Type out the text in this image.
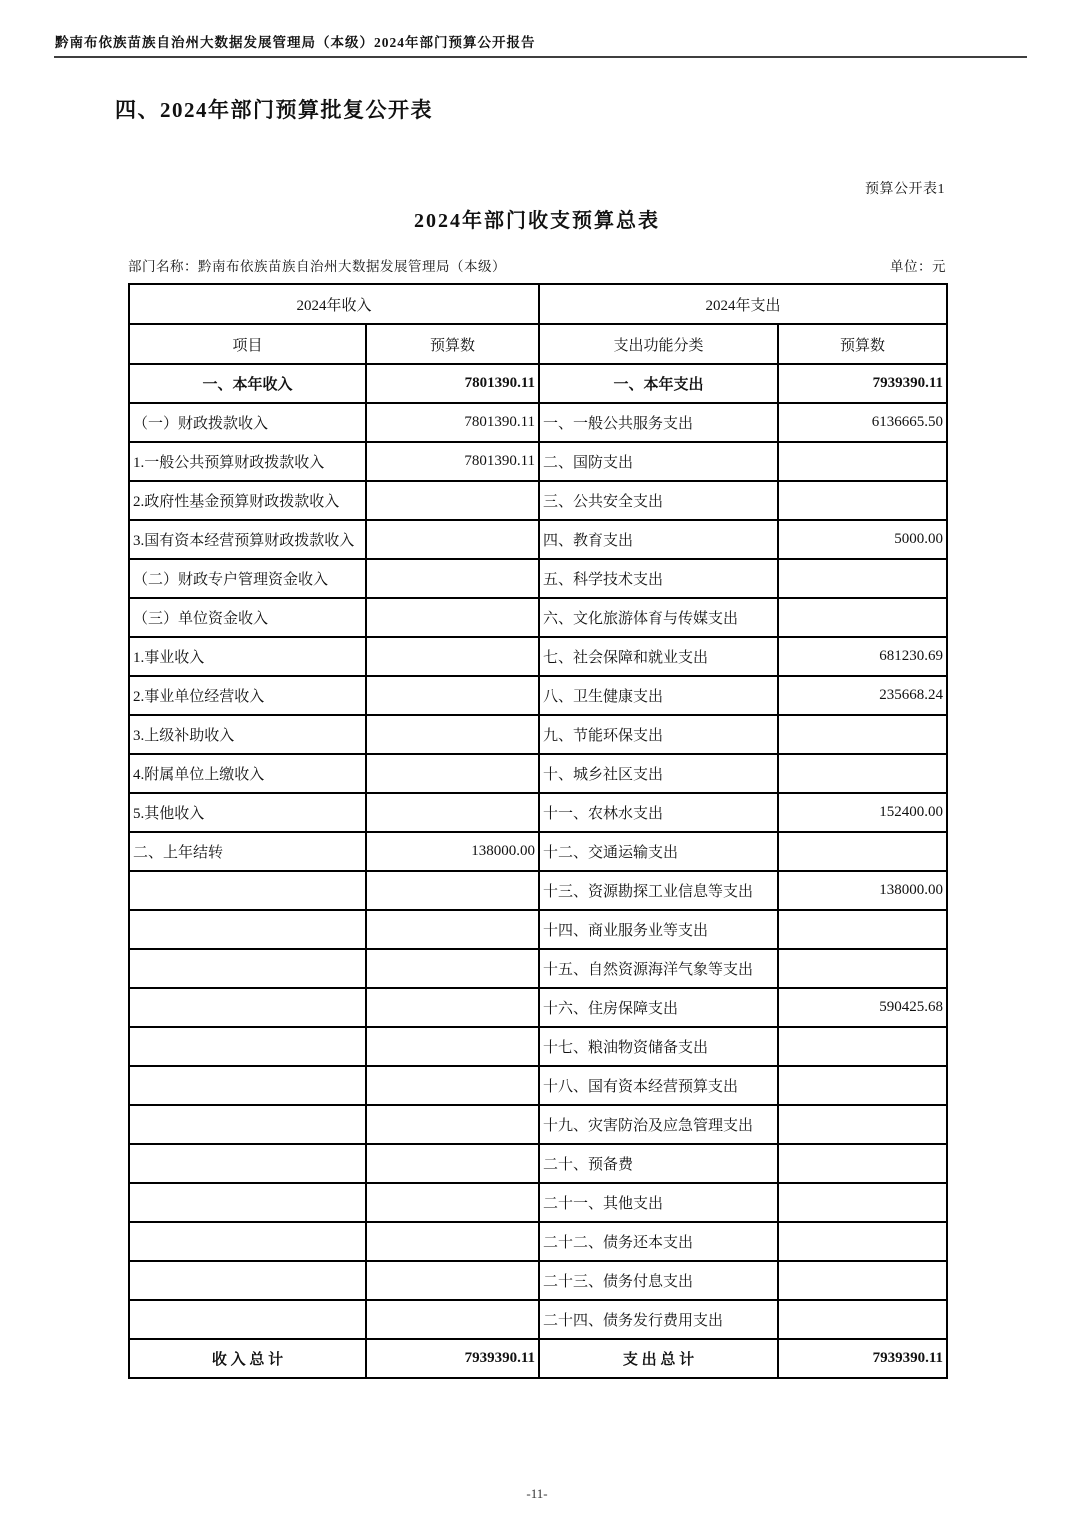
黔南布依族苗族自治州大数据发展管理局（本级）2024年部门预算公开报告
四、2024年部门预算批复公开表
预算公开表1
2024年部门收支预算总表
部门名称：黔南布依族苗族自治州大数据发展管理局（本级）	单位：元
2024年收入		2024年支出	
项目	预算数	支出功能分类	预算数
一、本年收入	7801390.11	一、本年支出	7939390.11
（一）财政拨款收入	7801390.11	一、一般公共服务支出	6136665.50
1.一般公共预算财政拨款收入	7801390.11	二、国防支出	
2.政府性基金预算财政拨款收入		三、公共安全支出	
3.国有资本经营预算财政拨款收入		四、教育支出	5000.00
（二）财政专户管理资金收入		五、科学技术支出	
（三）单位资金收入		六、文化旅游体育与传媒支出	
1.事业收入		七、社会保障和就业支出	681230.69
2.事业单位经营收入		八、卫生健康支出	235668.24
3.上级补助收入		九、节能环保支出	
4.附属单位上缴收入		十、城乡社区支出	
5.其他收入		十一、农林水支出	152400.00
二、上年结转	138000.00	十二、交通运输支出	
		十三、资源勘探工业信息等支出	138000.00
		十四、商业服务业等支出	
		十五、自然资源海洋气象等支出	
		十六、住房保障支出	590425.68
		十七、粮油物资储备支出	
		十八、国有资本经营预算支出	
		十九、灾害防治及应急管理支出	
		二十、预备费	
		二十一、其他支出	
		二十二、债务还本支出	
		二十三、债务付息支出	
		二十四、债务发行费用支出	
收 入 总 计	7939390.11	支 出 总 计	7939390.11
-11-
